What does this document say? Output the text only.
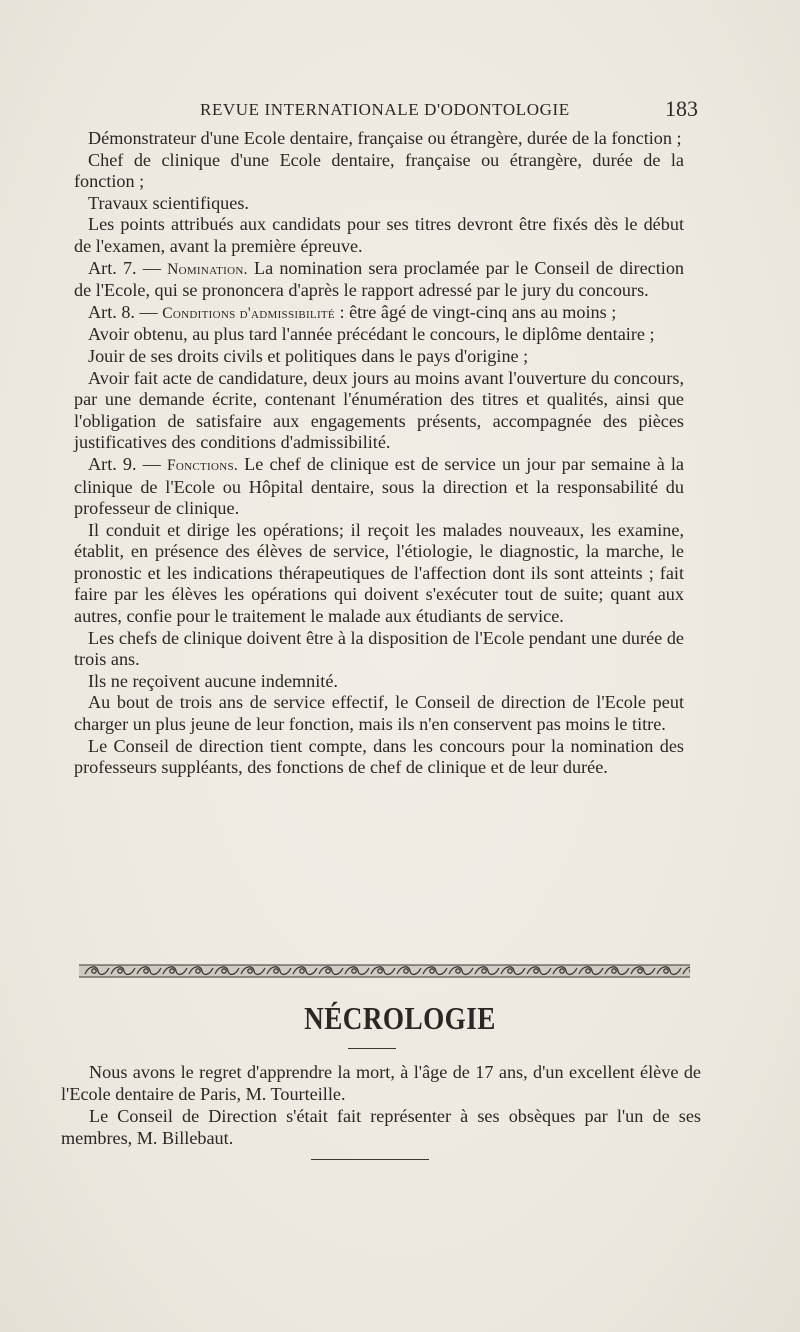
REVUE INTERNATIONALE D'ODONTOLOGIE	183

Démonstrateur d'une Ecole dentaire, française ou étrangère, durée de la fonction ;

Chef de clinique d'une Ecole dentaire, française ou étrangère, durée de la fonction ;

Travaux scientifiques.

Les points attribués aux candidats pour ses titres devront être fixés dès le début de l'examen, avant la première épreuve.

Art. 7. — Nomination. La nomination sera proclamée par le Conseil de direction de l'Ecole, qui se prononcera d'après le rapport adressé par le jury du concours.

Art. 8. — Conditions d'admissibilité : être âgé de vingt-cinq ans au moins ;

Avoir obtenu, au plus tard l'année précédant le concours, le diplôme dentaire ;

Jouir de ses droits civils et politiques dans le pays d'origine ;

Avoir fait acte de candidature, deux jours au moins avant l'ouverture du concours, par une demande écrite, contenant l'énumération des titres et qualités, ainsi que l'obligation de satisfaire aux engagements présents, accompagnée des pièces justificatives des conditions d'admissibilité.

Art. 9. — Fonctions. Le chef de clinique est de service un jour par semaine à la clinique de l'Ecole ou Hôpital dentaire, sous la direction et la responsabilité du professeur de clinique.

Il conduit et dirige les opérations; il reçoit les malades nouveaux, les examine, établit, en présence des élèves de service, l'étiologie, le diagnostic, la marche, le pronostic et les indications thérapeutiques de l'affection dont ils sont atteints ; fait faire par les élèves les opérations qui doivent s'exécuter tout de suite; quant aux autres, confie pour le traitement le malade aux étudiants de service.

Les chefs de clinique doivent être à la disposition de l'Ecole pendant une durée de trois ans.

Ils ne reçoivent aucune indemnité.

Au bout de trois ans de service effectif, le Conseil de direction de l'Ecole peut charger un plus jeune de leur fonction, mais ils n'en conservent pas moins le titre.

Le Conseil de direction tient compte, dans les concours pour la nomination des professeurs suppléants, des fonctions de chef de clinique et de leur durée.

NÉCROLOGIE

Nous avons le regret d'apprendre la mort, à l'âge de 17 ans, d'un excellent élève de l'Ecole dentaire de Paris, M. Tourteille.

Le Conseil de Direction s'était fait représenter à ses obsèques par l'un de ses membres, M. Billebaut.
